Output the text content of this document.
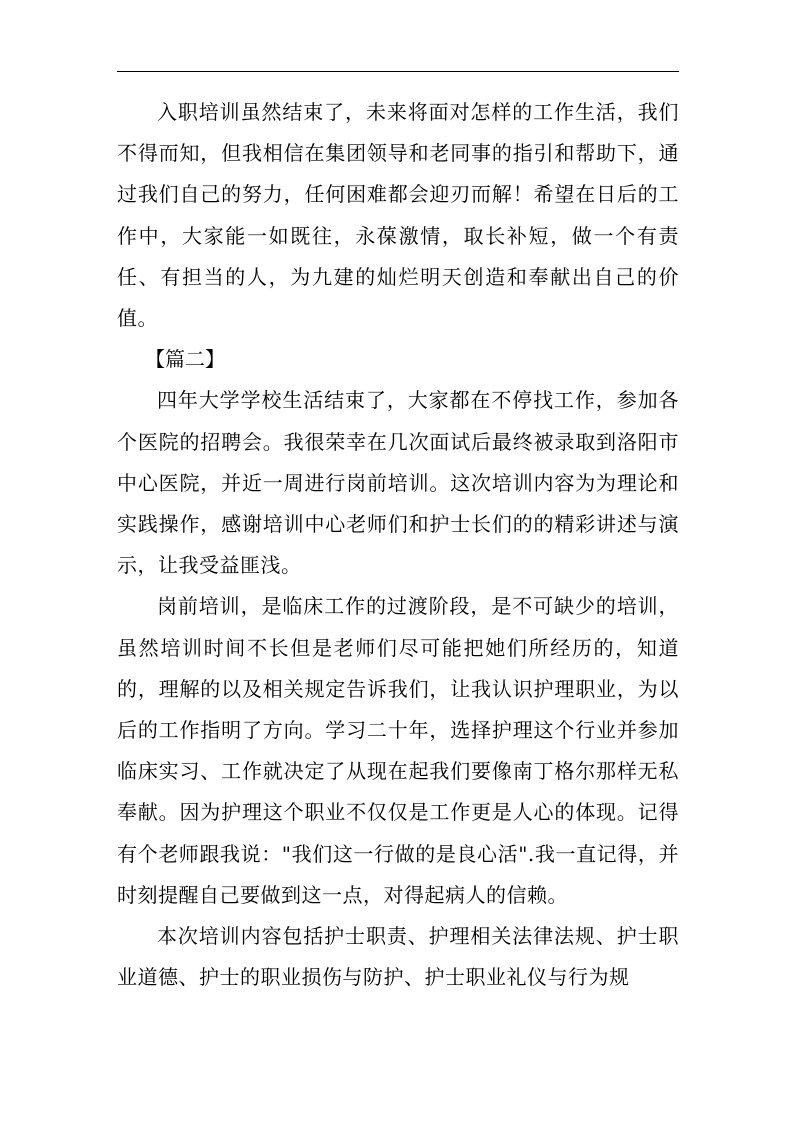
入职培训虽然结束了，未来将面对怎样的工作生活，我们不得而知，但我相信在集团领导和老同事的指引和帮助下，通过我们自己的努力，任何困难都会迎刃而解！希望在日后的工作中，大家能一如既往，永葆激情，取长补短，做一个有责任、有担当的人，为九建的灿烂明天创造和奉献出自己的价值。

【篇二】

四年大学学校生活结束了，大家都在不停找工作，参加各个医院的招聘会。我很荣幸在几次面试后最终被录取到洛阳市中心医院，并近一周进行岗前培训。这次培训内容为为理论和实践操作，感谢培训中心老师们和护士长们的的精彩讲述与演示，让我受益匪浅。

岗前培训，是临床工作的过渡阶段，是不可缺少的培训，虽然培训时间不长但是老师们尽可能把她们所经历的，知道的，理解的以及相关规定告诉我们，让我认识护理职业，为以后的工作指明了方向。学习二十年，选择护理这个行业并参加临床实习、工作就决定了从现在起我们要像南丁格尔那样无私奉献。因为护理这个职业不仅仅是工作更是人心的体现。记得有个老师跟我说："我们这一行做的是良心活".我一直记得，并时刻提醒自己要做到这一点，对得起病人的信赖。

本次培训内容包括护士职责、护理相关法律法规、护士职业道德、护士的职业损伤与防护、护士职业礼仪与行为规
